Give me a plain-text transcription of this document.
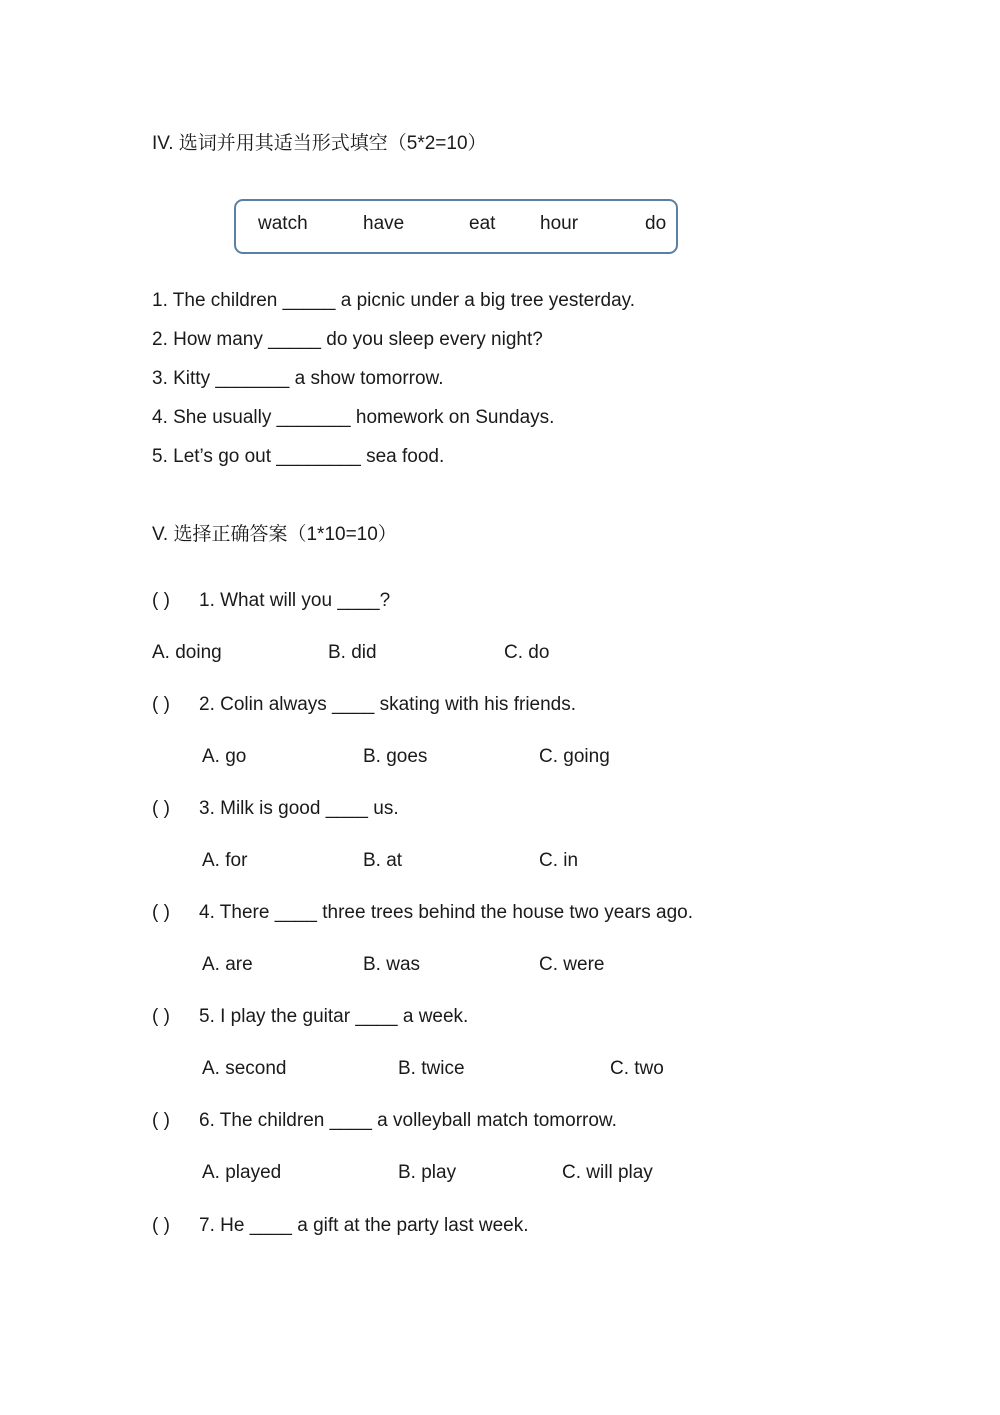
IV. 选词并用其适当形式填空（5*2=10）
watch	have	eat hour	do
1. The children _____ a picnic under a big tree yesterday.
2. How many _____ do you sleep every night?
3. Kitty _______ a show tomorrow.
4. She usually _______ homework on Sundays.
5. Let’s go out ________ sea food.
V. 选择正确答案（1*10=10）
( ) 1. What will you ____?
A. doing	B. did	C. do
( ) 2. Colin always ____ skating with his friends.
A. go	B. goes	C. going
( ) 3. Milk is good ____ us.
A. for	B. at	C. in
( ) 4. There ____ three trees behind the house two years ago.
A. are	B. was	C. were
( ) 5. I play the guitar ____ a week.
A. second	B. twice	C. two
( ) 6. The children ____ a volleyball match tomorrow.
A. played	B. play	C. will play
( ) 7. He ____ a gift at the party last week.
